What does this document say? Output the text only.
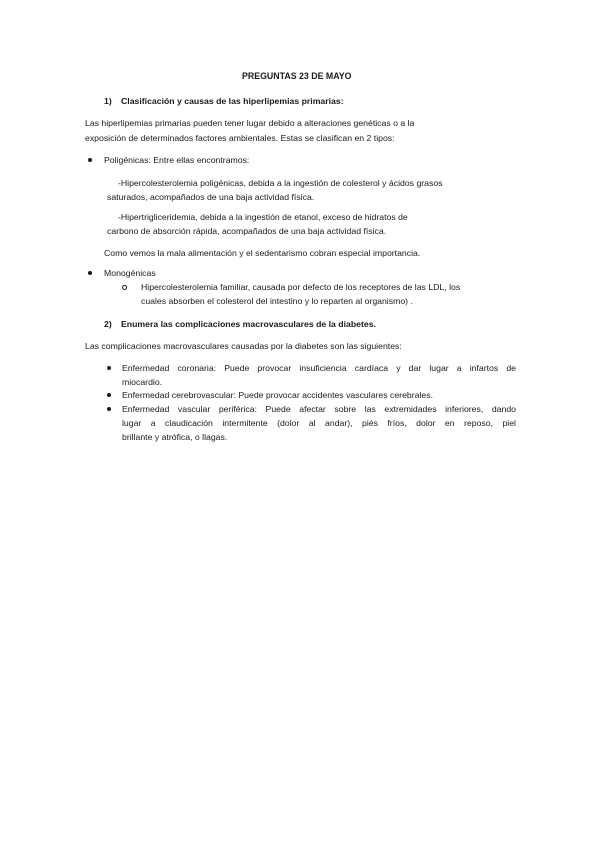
PREGUNTAS 23 DE MAYO
1) Clasificación y causas de las hiperlipemias primarias:
Las hiperlipemias primarias pueden tener lugar debido a alteraciones genéticas o a la
exposición de determinados factores ambientales. Estas se clasifican en 2 tipos:
Poligénicas: Entre ellas encontramos:
-Hipercolesterolemia poligénicas, debida a la ingestión de colesterol y ácidos grasos
saturados, acompañados de una baja actividad física.
-Hipertrigliceridemia, debida a la ingestión de etanol, exceso de hidratos de
carbono de absorción rápida, acompañados de una baja actividad física.
Como vemos la mala alimentación y el sedentarismo cobran especial importancia.
Monogénicas
Hipercolesterolemia familiar, causada por defecto de los receptores de las LDL, los
cuales absorben el colesterol del intestino y lo reparten al organismo) .
2) Enumera las complicaciones macrovasculares de la diabetes.
Las complicaciones macrovasculares causadas por la diabetes son las siguientes:
Enfermedad coronaria: Puede provocar insuficiencia cardíaca y dar lugar a infartos de
miocardio.
Enfermedad cerebrovascular: Puede provocar accidentes vasculares cerebrales.
Enfermedad vascular periférica: Puede afectar sobre las extremidades inferiores, dando
lugar a claudicación intermitente (dolor al andar), piés fríos, dolor en reposo, piel
brillante y atrófica, o llagas.
